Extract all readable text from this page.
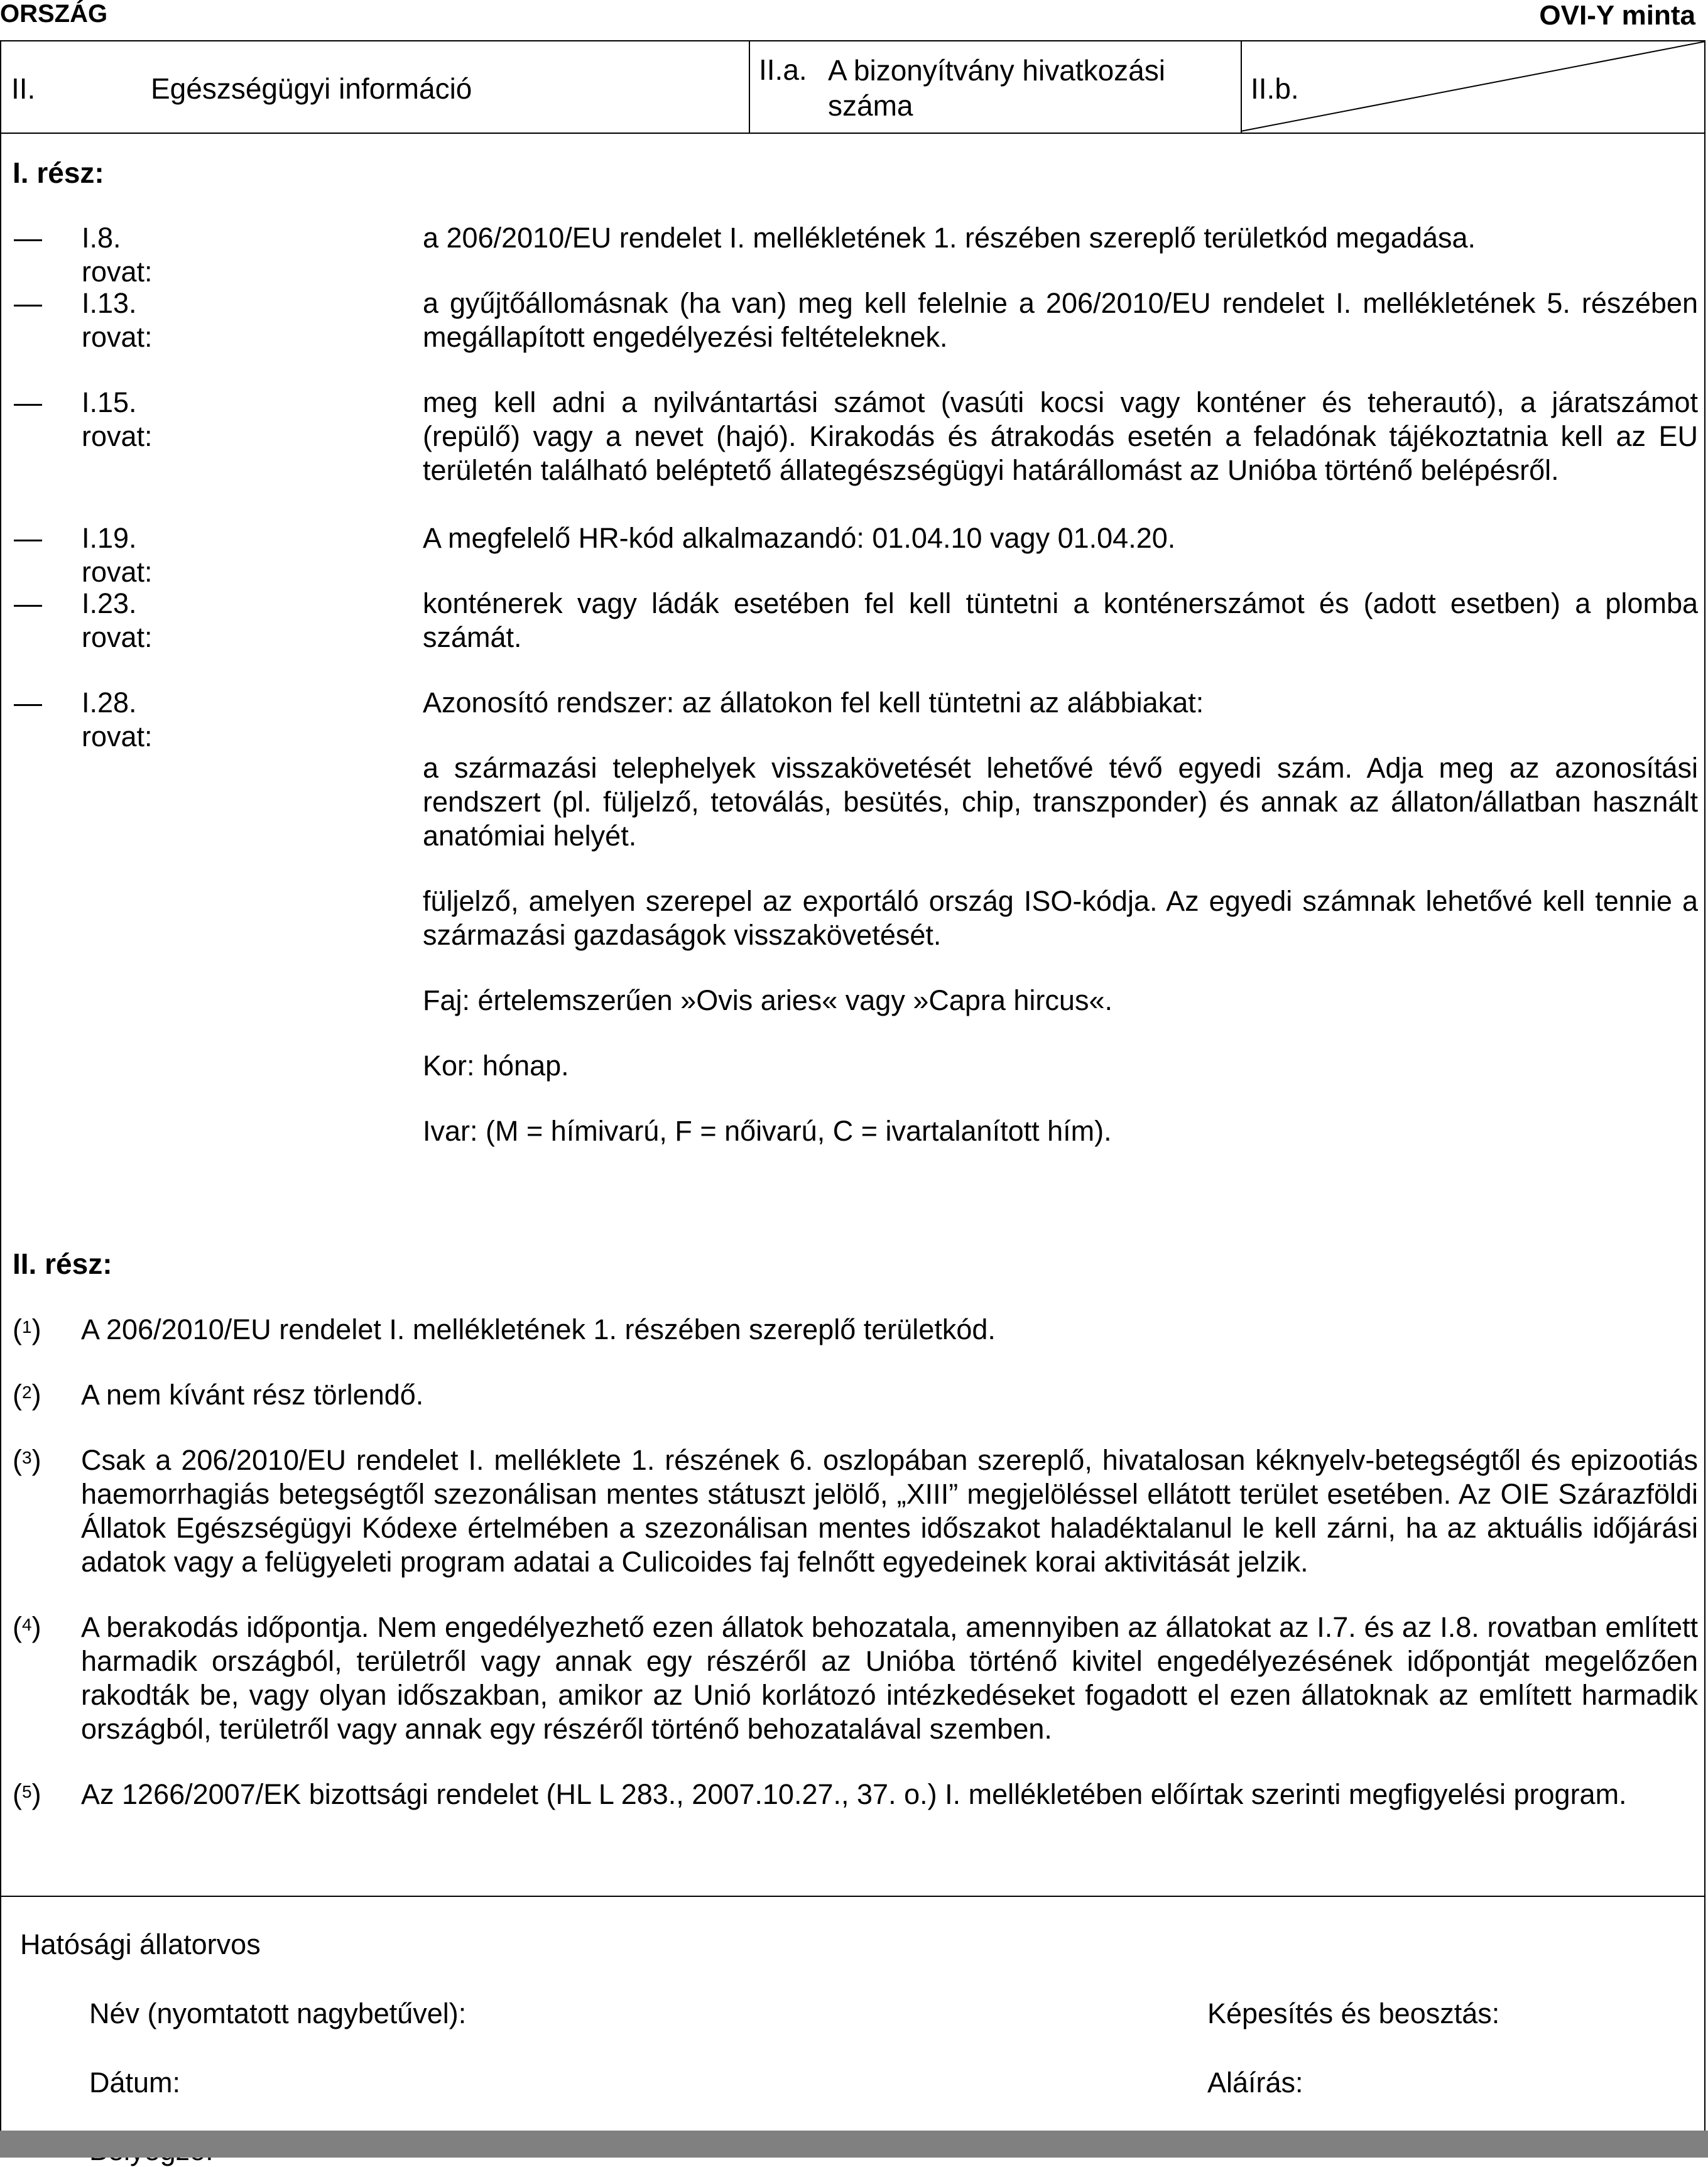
ORSZÁG	OVI-Y minta
II.	Egészségügyi információ
II.a. A bizonyítvány hivatkozási száma
II.b.
I. rész:
— I.8. rovat:
a 206/2010/EU rendelet I. mellékletének 1. részében szereplő területkód megadása.
— I.13. rovat:
a gyűjtőállomásnak (ha van) meg kell felelnie a 206/2010/EU rendelet I. mellékletének 5. részében megállapított engedélyezési feltételeknek.
— I.15. rovat:
meg kell adni a nyilvántartási számot (vasúti kocsi vagy konténer és teherautó), a járatszámot (repülő) vagy a nevet (hajó). Kirakodás és átrakodás esetén a feladónak tájékoztatnia kell az EU területén található beléptető állategészségügyi határállomást az Unióba történő belépésről.
— I.19. rovat:
A megfelelő HR-kód alkalmazandó: 01.04.10 vagy 01.04.20.
— I.23. rovat:
konténerek vagy ládák esetében fel kell tüntetni a konténerszámot és (adott esetben) a plomba számát.
— I.28. rovat:
Azonosító rendszer: az állatokon fel kell tüntetni az alábbiakat:
a származási telephelyek visszakövetését lehetővé tévő egyedi szám. Adja meg az azonosítási rendszert (pl. füljelző, tetoválás, besütés, chip, transzponder) és annak az állaton/állatban használt anatómiai helyét.
füljelző, amelyen szerepel az exportáló ország ISO-kódja. Az egyedi számnak lehetővé kell tennie a származási gazdaságok visszakövetését.
Faj: értelemszerűen »Ovis aries« vagy »Capra hircus«.
Kor: hónap.
Ivar: (M = hímivarú, F = nőivarú, C = ivartalanított hím).
II. rész:
($^1$) A 206/2010/EU rendelet I. mellékletének 1. részében szereplő területkód.
($^2$) A nem kívánt rész törlendő.
($^3$) Csak a 206/2010/EU rendelet I. melléklete 1. részének 6. oszlopában szereplő, hivatalosan kéknyelv-betegségtől és epizootiás haemorrhagiás betegségtől szezonálisan mentes státuszt jelölő, „XIII” megjelöléssel ellátott terület esetében. Az OIE Szárazföldi Állatok Egészségügyi Kódexe értelmében a szezonálisan mentes időszakot haladéktalanul le kell zárni, ha az aktuális időjárási adatok vagy a felügyeleti program adatai a Culicoides faj felnőtt egyedeinek korai aktivitását jelzik.
($^4$) A berakodás időpontja. Nem engedélyezhető ezen állatok behozatala, amennyiben az állatokat az I.7. és az I.8. rovatban említett harmadik országból, területről vagy annak egy részéről az Unióba történő kivitel engedélyezésének időpontját megelőzően rakodták be, vagy olyan időszakban, amikor az Unió korlátozó intézkedéseket fogadott el ezen állatoknak az említett harmadik országból, területről vagy annak egy részéről történő behozatalával szemben.
($^5$) Az 1266/2007/EK bizottsági rendelet (HL L 283., 2007.10.27., 37. o.) I. mellékletében előírtak szerinti megfigyelési program.
Hatósági állatorvos
Név (nyomtatott nagybetűvel):	Képesítés és beosztás:
Dátum:	Aláírás:
